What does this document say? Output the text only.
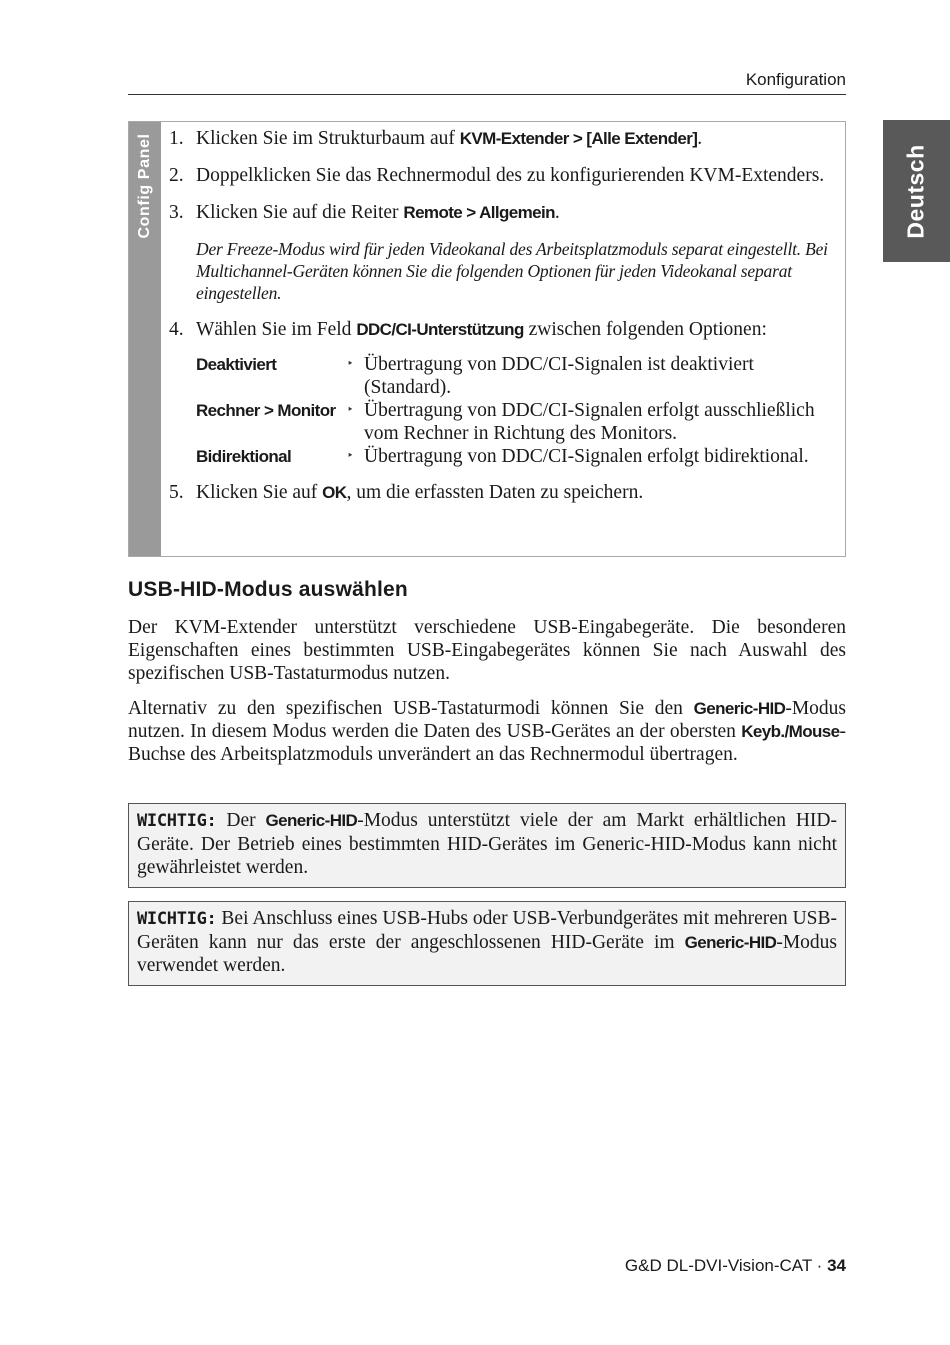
Konfiguration
Deutsch
Config Panel 1. Klicken Sie im Strukturbaum auf KVM-Extender > [Alle Extender].
2. Doppelklicken Sie das Rechnermodul des zu konfigurierenden KVM-Extenders.
3. Klicken Sie auf die Reiter Remote > Allgemein.
Der Freeze-Modus wird für jeden Videokanal des Arbeitsplatzmoduls separat eingestellt. Bei Multichannel-Geräten können Sie die folgenden Optionen für jeden Videokanal separat eingestellen.
4. Wählen Sie im Feld DDC/CI-Unterstützung zwischen folgenden Optionen:
Deaktiviert	‣ Übertragung von DDC/CI-Signalen ist deaktiviert (Standard).
Rechner > Monitor ‣ Übertragung von DDC/CI-Signalen erfolgt ausschließlich vom Rechner in Richtung des Monitors.
Bidirektional	‣ Übertragung von DDC/CI-Signalen erfolgt bidirektional.
5. Klicken Sie auf OK, um die erfassten Daten zu speichern.
USB-HID-Modus auswählen
Der KVM-Extender unterstützt verschiedene USB-Eingabegeräte. Die besonderen Eigenschaften eines bestimmten USB-Eingabegerätes können Sie nach Auswahl des spezifischen USB-Tastaturmodus nutzen.
Alternativ zu den spezifischen USB-Tastaturmodi können Sie den Generic-HID-Modus nutzen. In diesem Modus werden die Daten des USB-Gerätes an der obersten Keyb./Mouse-Buchse des Arbeitsplatzmoduls unverändert an das Rechnermodul übertragen.
WICHTIG: Der Generic-HID-Modus unterstützt viele der am Markt erhältlichen HID-Geräte. Der Betrieb eines bestimmten HID-Gerätes im Generic-HID-Modus kann nicht gewährleistet werden.
WICHTIG: Bei Anschluss eines USB-Hubs oder USB-Verbundgerätes mit mehreren USB-Geräten kann nur das erste der angeschlossenen HID-Geräte im Generic-HID-Modus verwendet werden.
G&D DL-DVI-Vision-CAT · 34
